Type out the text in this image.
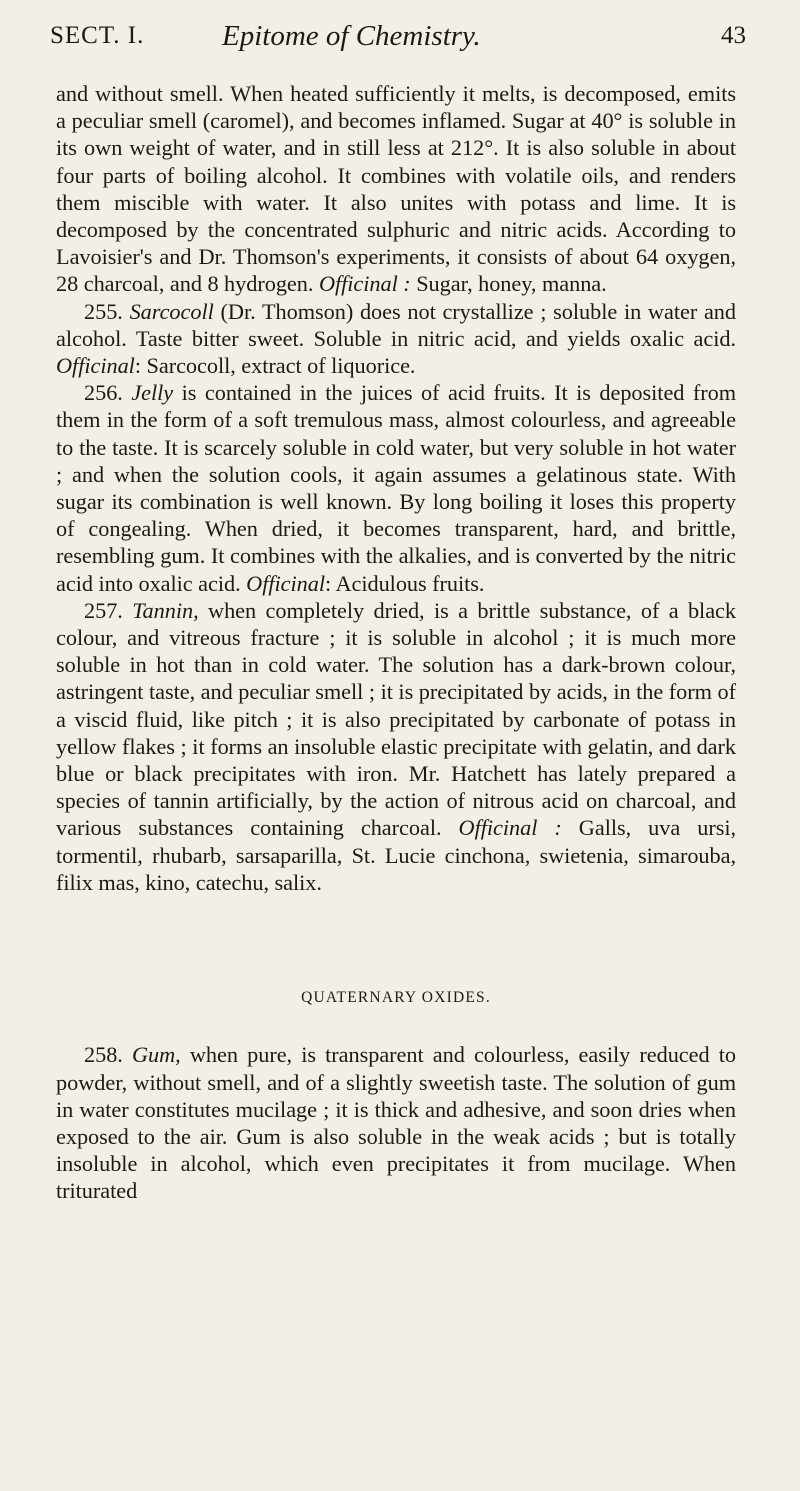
SECT. I.	Epitome of Chemistry.	43

and without smell. When heated sufficiently it melts, is decomposed, emits a peculiar smell (caromel), and becomes inflamed. Sugar at 40° is soluble in its own weight of water, and in still less at 212°. It is also soluble in about four parts of boiling alcohol. It combines with volatile oils, and renders them miscible with water. It also unites with potass and lime. It is decomposed by the concentrated sulphuric and nitric acids. According to Lavoisier's and Dr. Thomson's experiments, it consists of about 64 oxygen, 28 charcoal, and 8 hydrogen. Officinal : Sugar, honey, manna.

255. Sarcocoll (Dr. Thomson) does not crystallize ; soluble in water and alcohol. Taste bitter sweet. Soluble in nitric acid, and yields oxalic acid. Officinal: Sarcocoll, extract of liquorice.

256. Jelly is contained in the juices of acid fruits. It is deposited from them in the form of a soft tremulous mass, almost colourless, and agreeable to the taste. It is scarcely soluble in cold water, but very soluble in hot water ; and when the solution cools, it again assumes a gelatinous state. With sugar its combination is well known. By long boiling it loses this property of congealing. When dried, it becomes transparent, hard, and brittle, resembling gum. It combines with the alkalies, and is converted by the nitric acid into oxalic acid. Officinal: Acidulous fruits.

257. Tannin, when completely dried, is a brittle substance, of a black colour, and vitreous fracture ; it is soluble in alcohol ; it is much more soluble in hot than in cold water. The solution has a dark-brown colour, astringent taste, and peculiar smell ; it is precipitated by acids, in the form of a viscid fluid, like pitch ; it is also precipitated by carbonate of potass in yellow flakes ; it forms an insoluble elastic precipitate with gelatin, and dark blue or black precipitates with iron. Mr. Hatchett has lately prepared a species of tannin artificially, by the action of nitrous acid on charcoal, and various substances containing charcoal. Officinal : Galls, uva ursi, tormentil, rhubarb, sarsaparilla, St. Lucie cinchona, swietenia, simarouba, filix mas, kino, catechu, salix.

QUATERNARY OXIDES.

258. Gum, when pure, is transparent and colourless, easily reduced to powder, without smell, and of a slightly sweetish taste. The solution of gum in water constitutes mucilage ; it is thick and adhesive, and soon dries when exposed to the air. Gum is also soluble in the weak acids ; but is totally insoluble in alcohol, which even precipitates it from mucilage. When triturated
